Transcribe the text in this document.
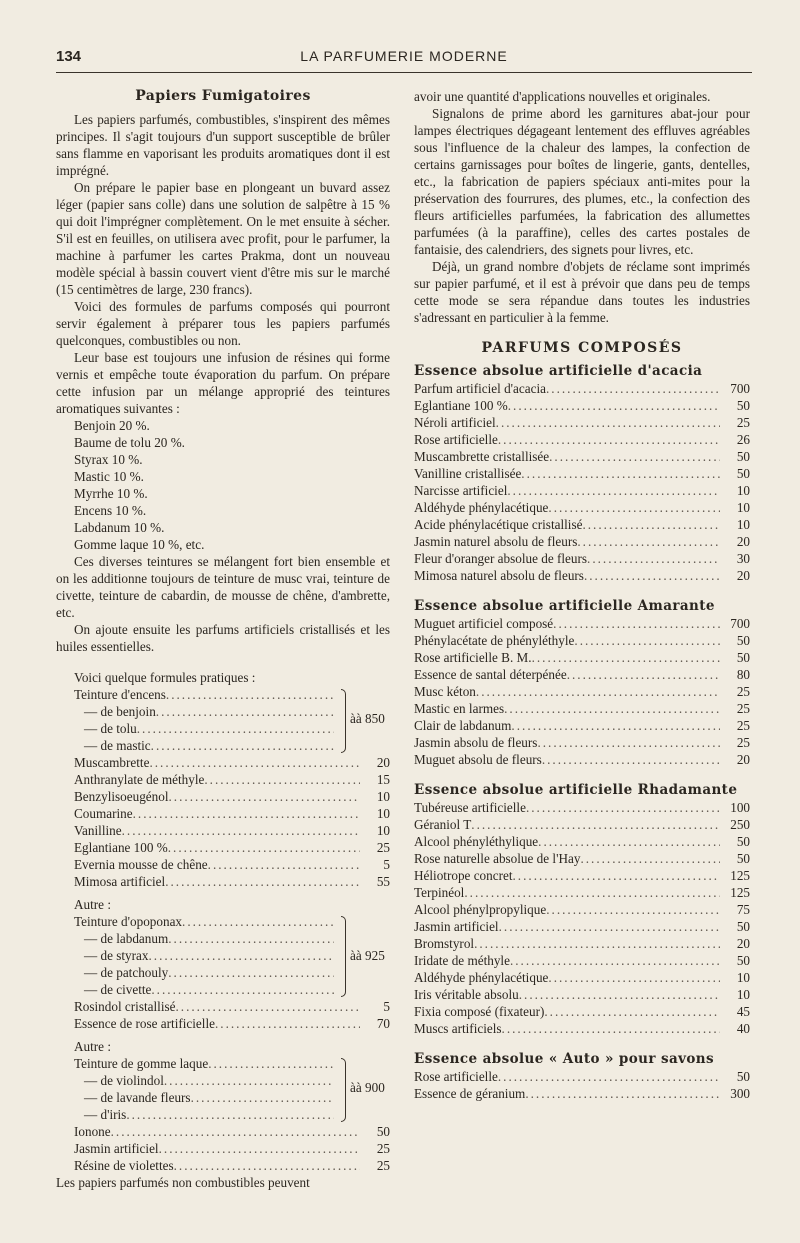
134	LA PARFUMERIE MODERNE
Papiers Fumigatoires

Les papiers parfumés, combustibles, s'inspirent des mêmes principes. Il s'agit toujours d'un support susceptible de brûler sans flamme en vaporisant les produits aromatiques dont il est imprégné.

On prépare le papier base en plongeant un buvard assez léger (papier sans colle) dans une solution de salpêtre à 15 % qui doit l'imprégner complètement. On le met ensuite à sécher. S'il est en feuilles, on utilisera avec profit, pour le parfumer, la machine à parfumer les cartes Prakma, dont un nouveau modèle spécial à bassin couvert vient d'être mis sur le marché (15 centimètres de large, 230 francs).

Voici des formules de parfums composés qui pourront servir également à préparer tous les papiers parfumés quelconques, combustibles ou non.

Leur base est toujours une infusion de résines qui forme vernis et empêche toute évaporation du parfum. On prépare cette infusion par un mélange approprié des teintures aromatiques suivantes :

Benjoin 20 %.
Baume de tolu 20 %.
Styrax 10 %.
Mastic 10 %.
Myrrhe 10 %.
Encens 10 %.
Labdanum 10 %.
Gomme laque 10 %, etc.

Ces diverses teintures se mélangent fort bien ensemble et on les additionne toujours de teinture de musc vrai, teinture de civette, teinture de cabardin, de mousse de chêne, d'ambrette, etc.

On ajoute ensuite les parfums artificiels cristallisés et les huiles essentielles.

Voici quelque formules pratiques :

Teinture d'encens
.....
— de benjoin
.....
— de tolu
.....
— de mastic
.....
àà 850
Muscambrette .....	20
Anthranylate de méthyle .....	15
Benzylisoeugénol .....	10
Coumarine .....	10
Vanilline .....	10
Eglantiane 100 % .....	25
Evernia mousse de chêne .....	5
Mimosa artificiel .....	55
Autre :
Teinture d'opoponax
.....
— de labdanum
.....
— de styrax
.....
— de patchouly
.....
— de civette
.....
àà 925
Rosindol cristallisé .....	5
Essence de rose artificielle .....	70
Autre :
Teinture de gomme laque
.....
— de violindol
.....
— de lavande fleurs
.....
— d'iris
.....
àà 900
Ionone .....	50
Jasmin artificiel .....	25
Résine de violettes .....	25
Les papiers parfumés non combustibles peuvent

avoir une quantité d'applications nouvelles et originales.

Signalons de prime abord les garnitures abat-jour pour lampes électriques dégageant lentement des effluves agréables sous l'influence de la chaleur des lampes, la confection de certains garnissages pour boîtes de lingerie, gants, dentelles, etc., la fabrication de papiers spéciaux anti-mites pour la préservation des fourrures, des plumes, etc., la confection des fleurs artificielles parfumées, la fabrication des allumettes parfumées (à la paraffine), celles des cartes postales de fantaisie, des calendriers, des signets pour livres, etc.

Déjà, un grand nombre d'objets de réclame sont imprimés sur papier parfumé, et il est à prévoir que dans peu de temps cette mode se sera répandue dans toutes les industries s'adressant en particulier à la femme.

PARFUMS COMPOSÉS
Essence absolue artificielle d'acacia
Parfum artificiel d'acacia .....	700
Eglantiane 100 % .....	50
Néroli artificiel .....	25
Rose artificielle .....	26
Muscambrette cristallisée .....	50
Vanilline cristallisée .....	50
Narcisse artificiel .....	10
Aldéhyde phénylacétique .....	10
Acide phénylacétique cristallisé .....	10
Jasmin naturel absolu de fleurs .....	20
Fleur d'oranger absolue de fleurs .....	30
Mimosa naturel absolu de fleurs .....	20
Essence absolue artificielle Amarante
Muguet artificiel composé .....	700
Phénylacétate de phényléthyle .....	50
Rose artificielle B. M. .....	50
Essence de santal déterpénée .....	80
Musc kéton .....	25
Mastic en larmes .....	25
Clair de labdanum .....	25
Jasmin absolu de fleurs .....	25
Muguet absolu de fleurs .....	20
Essence absolue artificielle Rhadamante
Tubéreuse artificielle .....	100
Géraniol T .....	250
Alcool phényléthylique .....	50
Rose naturelle absolue de l'Hay .....	50
Héliotrope concret .....	125
Terpinéol .....	125
Alcool phénylpropylique .....	75
Jasmin artificiel .....	50
Bromstyrol .....	20
Iridate de méthyle .....	50
Aldéhyde phénylacétique .....	10
Iris véritable absolu .....	10
Fixia composé (fixateur) .....	45
Muscs artificiels .....	40
Essence absolue « Auto » pour savons
Rose artificielle .....	50
Essence de géranium .....	300
